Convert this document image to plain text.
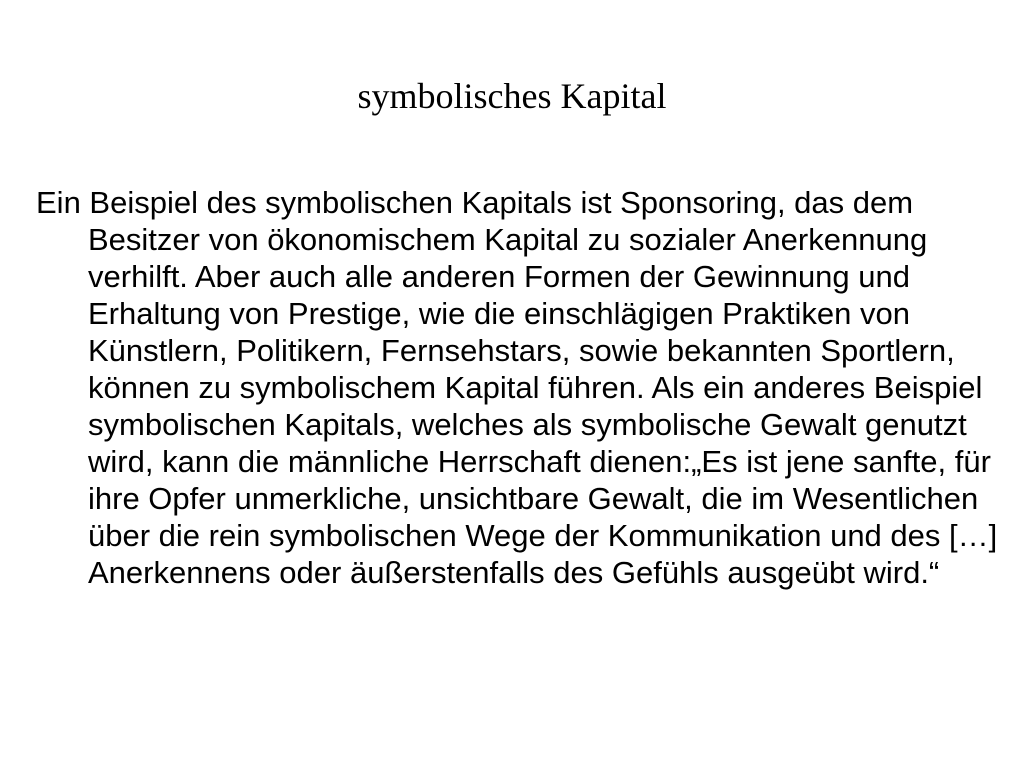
symbolisches Kapital

Ein Beispiel des symbolischen Kapitals ist Sponsoring, das dem Besitzer von ökonomischem Kapital zu sozialer Anerkennung verhilft. Aber auch alle anderen Formen der Gewinnung und Erhaltung von Prestige, wie die einschlägigen Praktiken von Künstlern, Politikern, Fernsehstars, sowie bekannten Sportlern, können zu symbolischem Kapital führen. Als ein anderes Beispiel symbolischen Kapitals, welches als symbolische Gewalt genutzt wird, kann die männliche Herrschaft dienen:„Es ist jene sanfte, für ihre Opfer unmerkliche, unsichtbare Gewalt, die im Wesentlichen über die rein symbolischen Wege der Kommunikation und des […] Anerkennens oder äußerstenfalls des Gefühls ausgeübt wird.“
